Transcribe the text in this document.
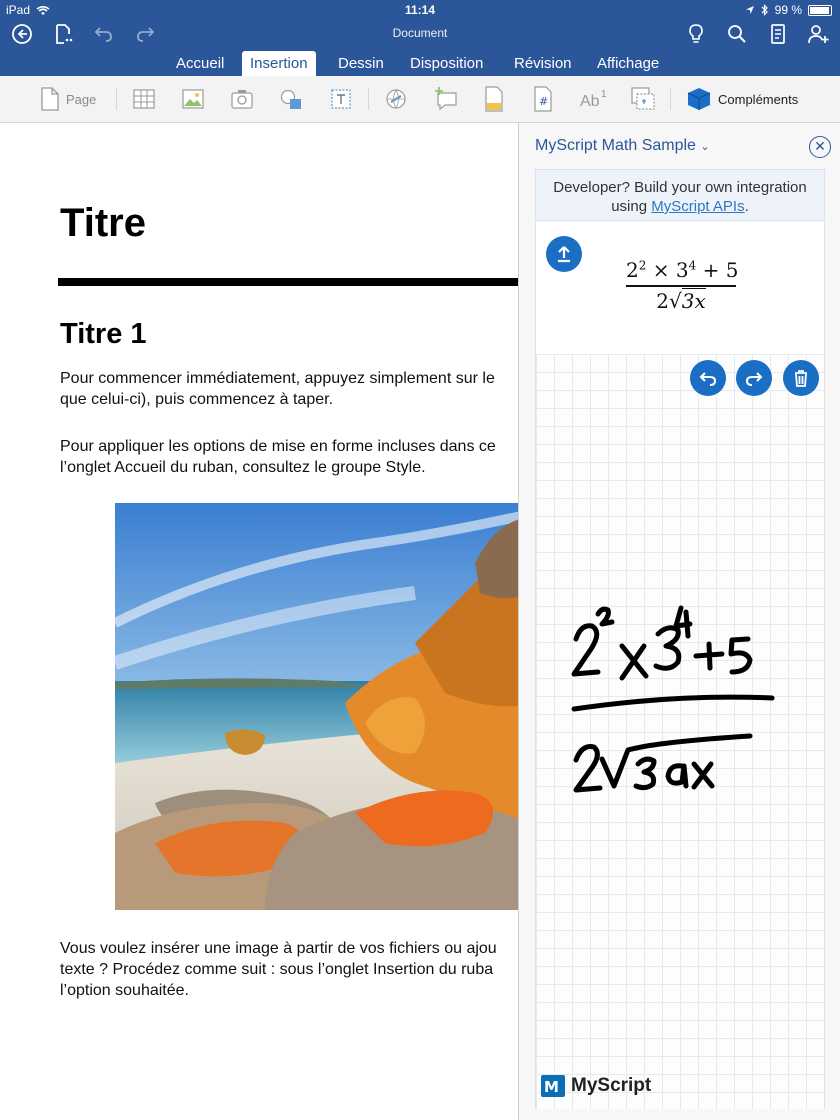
iPad	11:14	99 %
Document
Accueil	Insertion	Dessin	Disposition	Révision	Affichage
Page	# Ab 1	Compléments
Titre
Titre 1
Pour commencer immédiatement, appuyez simplement sur le
que celui-ci), puis commencez à taper.
Pour appliquer les options de mise en forme incluses dans ce
l’onglet Accueil du ruban, consultez le groupe Style.
Vous voulez insérer une image à partir de vos fichiers ou ajou
texte ? Procédez comme suit : sous l’onglet Insertion du ruba
l’option souhaitée.
MyScript Math Sample ⌄	✕
Developer? Build your own integration
using MyScript APIs.
$2^2 \times 3^4 + 5$
2√3x
M MyScript
